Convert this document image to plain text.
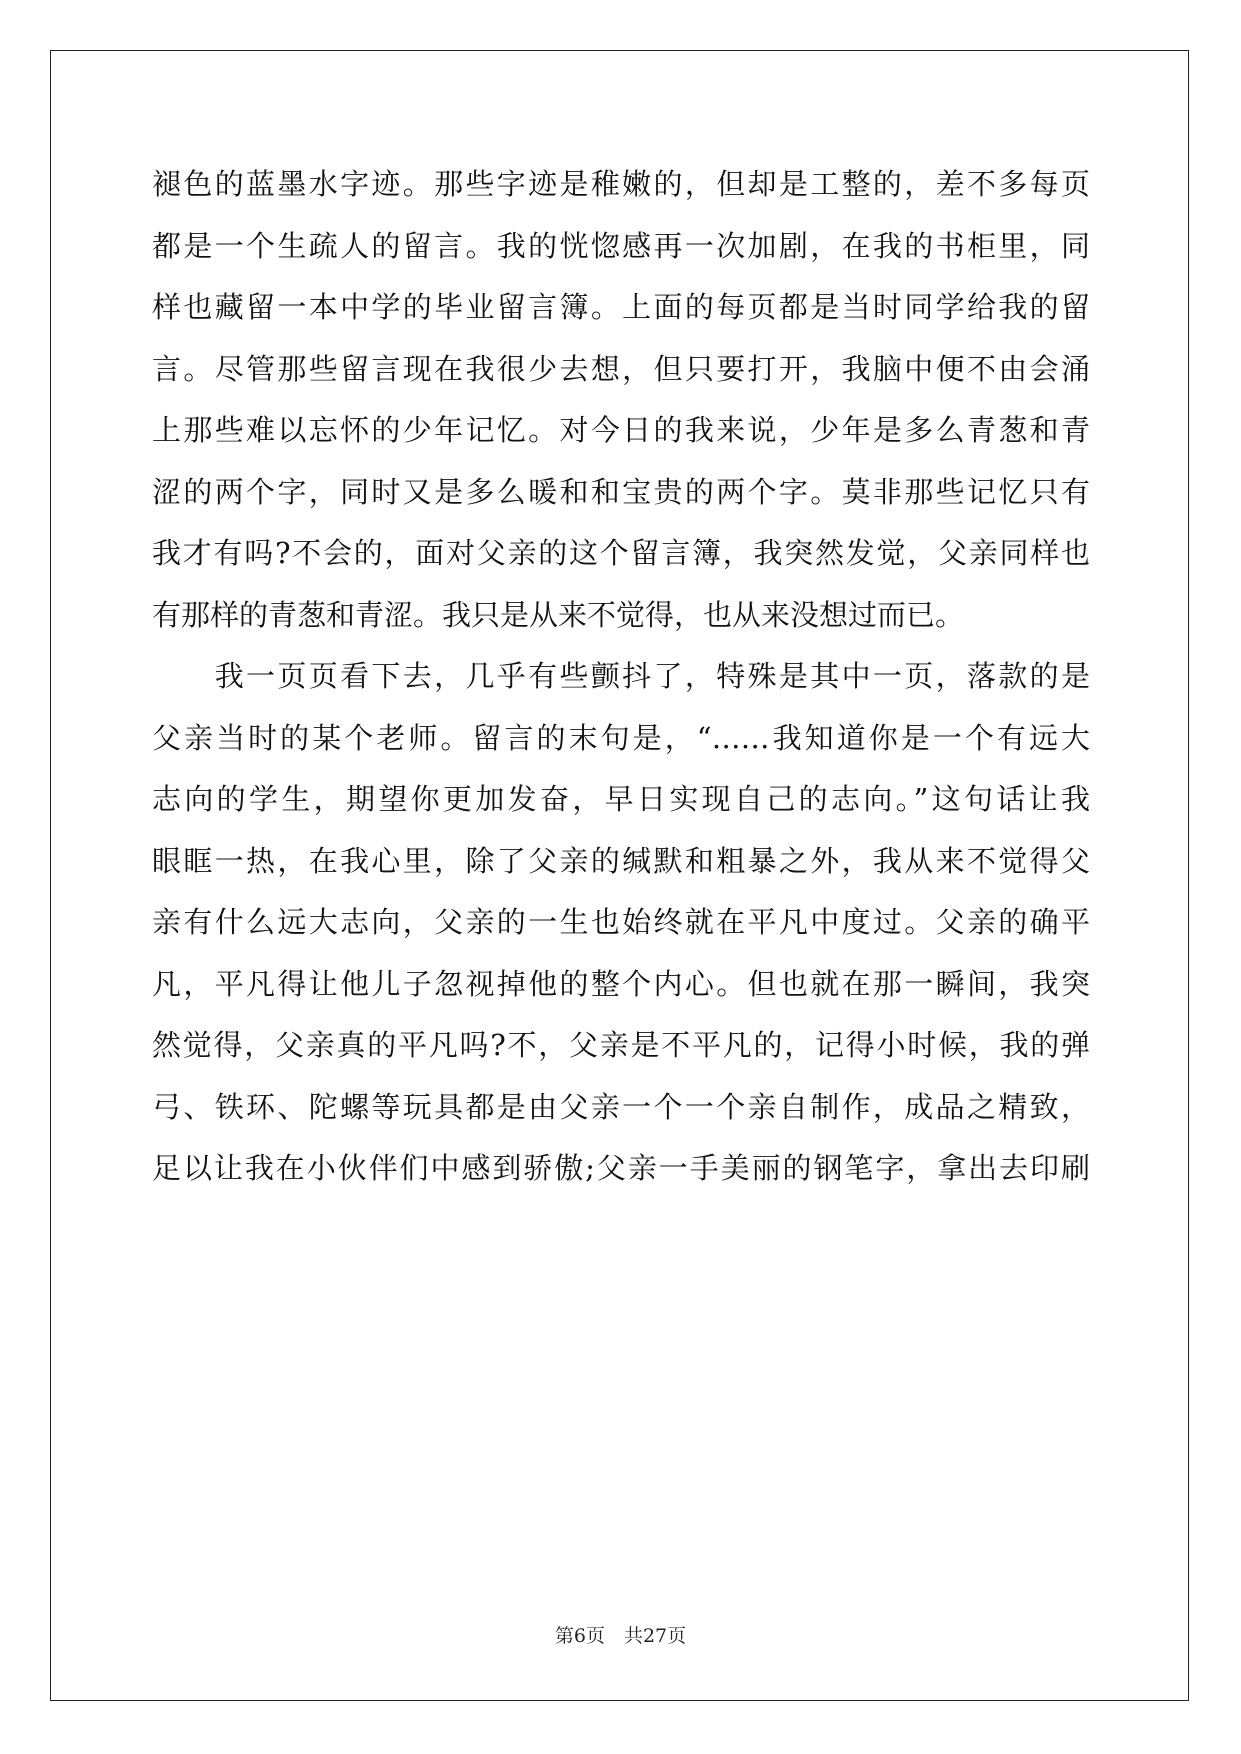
褪色的蓝墨水字迹。那些字迹是稚嫩的，但却是工整的，差不多每页
都是一个生疏人的留言。我的恍惚感再一次加剧，在我的书柜里，同
样也藏留一本中学的毕业留言簿。上面的每页都是当时同学给我的留
言。尽管那些留言现在我很少去想，但只要打开，我脑中便不由会涌
上那些难以忘怀的少年记忆。对今日的我来说，少年是多么青葱和青
涩的两个字，同时又是多么暖和和宝贵的两个字。莫非那些记忆只有
我才有吗?不会的，面对父亲的这个留言簿，我突然发觉，父亲同样也
有那样的青葱和青涩。我只是从来不觉得，也从来没想过而已。
　　我一页页看下去，几乎有些颤抖了，特殊是其中一页，落款的是
父亲当时的某个老师。留言的末句是，“……我知道你是一个有远大
志向的学生，期望你更加发奋，早日实现自己的志向。”这句话让我
眼眶一热，在我心里，除了父亲的缄默和粗暴之外，我从来不觉得父
亲有什么远大志向，父亲的一生也始终就在平凡中度过。父亲的确平
凡，平凡得让他儿子忽视掉他的整个内心。但也就在那一瞬间，我突
然觉得，父亲真的平凡吗?不，父亲是不平凡的，记得小时候，我的弹
弓、铁环、陀螺等玩具都是由父亲一个一个亲自制作，成品之精致，
足以让我在小伙伴们中感到骄傲;父亲一手美丽的钢笔字，拿出去印刷
第6页　共27页
